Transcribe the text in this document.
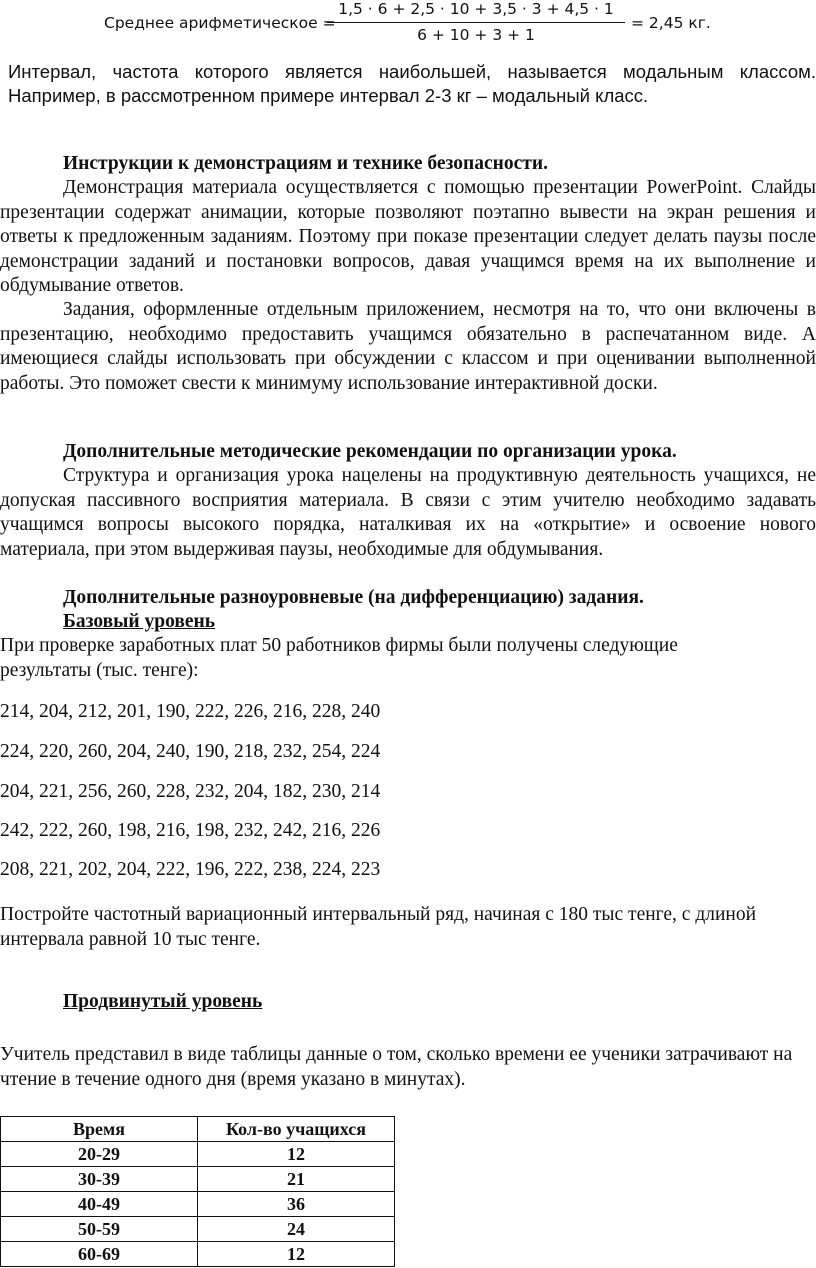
Среднее арифметическое =
$\frac{1,5 \cdot 6 + 2,5 \cdot 10 + 3,5 \cdot 3 + 4,5 \cdot 1}{6 + 10 + 3 + 1} = 2,45$ кг.

Интервал, частота которого является наибольшей, называется модальным классом. Например, в рассмотренном примере интервал 2-3 кг – модальный класс.

Инструкции к демонстрациям и технике безопасности.

Демонстрация материала осуществляется с помощью презентации PowerPoint. Слайды презентации содержат анимации, которые позволяют поэтапно вывести на экран решения и ответы к предложенным заданиям. Поэтому при показе презентации следует делать паузы после демонстрации заданий и постановки вопросов, давая учащимся время на их выполнение и обдумывание ответов.

Задания, оформленные отдельным приложением, несмотря на то, что они включены в презентацию, необходимо предоставить учащимся обязательно в распечатанном виде. А имеющиеся слайды использовать при обсуждении с классом и при оценивании выполненной работы. Это поможет свести к минимуму использование интерактивной доски.

Дополнительные методические рекомендации по организации урока.

Структура и организация урока нацелены на продуктивную деятельность учащихся, не допуская пассивного восприятия материала. В связи с этим учителю необходимо задавать учащимся вопросы высокого порядка, наталкивая их на «открытие» и освоение нового материала, при этом выдерживая паузы, необходимые для обдумывания.

Дополнительные разноуровневые (на дифференциацию) задания.

Базовый уровень

При проверке заработных плат 50 работников фирмы были получены следующие результаты (тыс. тенге):

214, 204, 212, 201, 190, 222, 226, 216, 228, 240

224, 220, 260, 204, 240, 190, 218, 232, 254, 224

204, 221, 256, 260, 228, 232, 204, 182, 230, 214

242, 222, 260, 198, 216, 198, 232, 242, 216, 226

208, 221, 202, 204, 222, 196, 222, 238, 224, 223

Постройте частотный вариационный интервальный ряд, начиная с 180 тыс тенге, с длиной интервала равной 10 тыс тенге.

Продвинутый уровень

Учитель представил в виде таблицы данные о том, сколько времени ее ученики затрачивают на чтение в течение одного дня (время указано в минутах).

Время	Кол-во учащихся
20-29	12
30-39	21
40-49	36
50-59	24
60-69	12
